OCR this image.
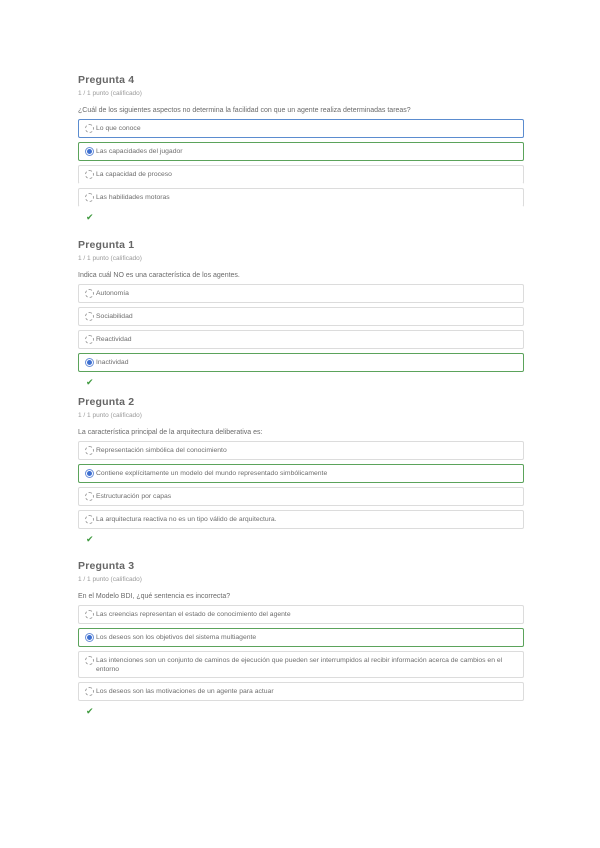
Pregunta 4
1 / 1 punto (calificado)
¿Cuál de los siguientes aspectos no determina la facilidad con que un agente realiza determinadas tareas?
Lo que conoce
Las capacidades del jugador
La capacidad de proceso
Las habilidades motoras
✔
Pregunta 1
1 / 1 punto (calificado)
Indica cuál NO es una característica de los agentes.
Autonomía
Sociabilidad
Reactividad
Inactividad
✔
Pregunta 2
1 / 1 punto (calificado)
La característica principal de la arquitectura deliberativa es:
Representación simbólica del conocimiento
Contiene explícitamente un modelo del mundo representado simbólicamente
Estructuración por capas
La arquitectura reactiva no es un tipo válido de arquitectura.
✔
Pregunta 3
1 / 1 punto (calificado)
En el Modelo BDI, ¿qué sentencia es incorrecta?
Las creencias representan el estado de conocimiento del agente
Los deseos son los objetivos del sistema multiagente
Las intenciones son un conjunto de caminos de ejecución que pueden ser interrumpidos al recibir información acerca de cambios en el entorno
Los deseos son las motivaciones de un agente para actuar
✔
